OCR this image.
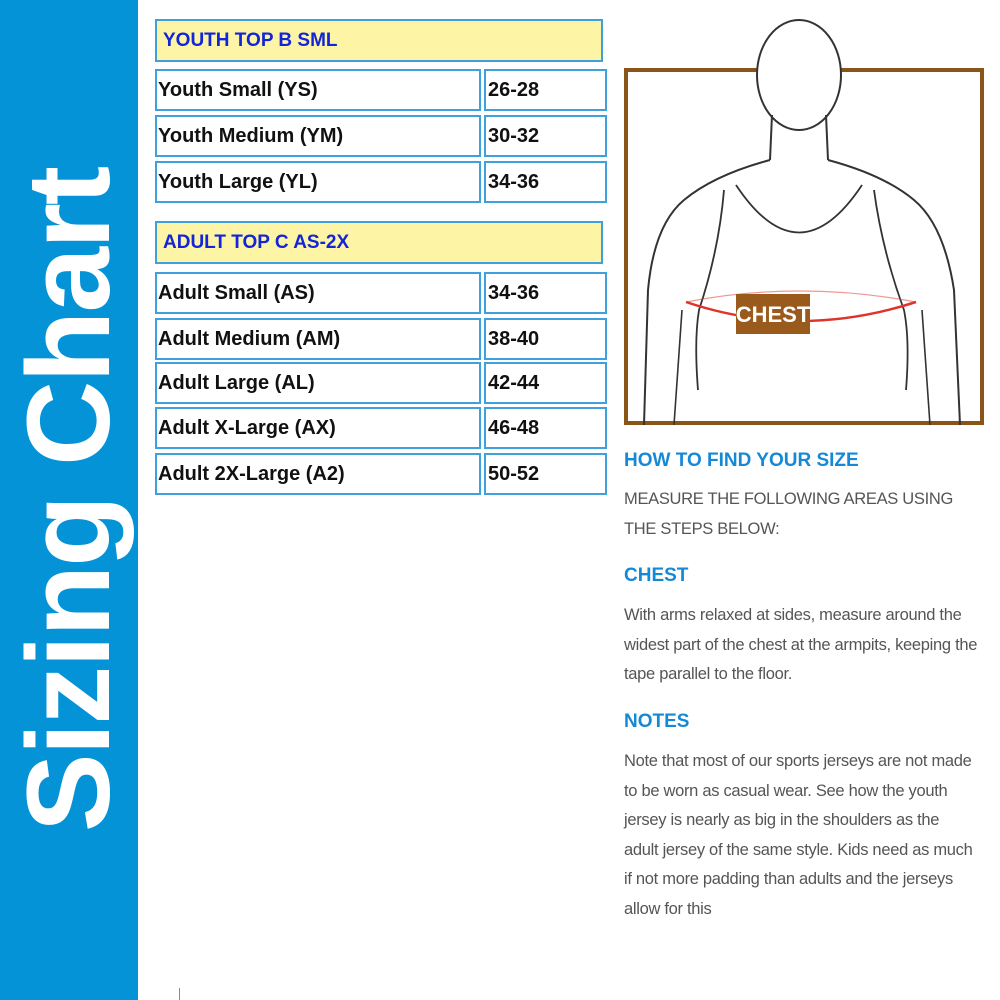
Sizing Chart
YOUTH TOP B SML
Youth Small (YS)	26-28
Youth Medium (YM)	30-32
Youth Large (YL)	34-36
ADULT TOP C AS-2X
Adult Small (AS)	34-36
Adult Medium (AM)	38-40
Adult Large (AL)	42-44
Adult X-Large (AX)	46-48
Adult 2X-Large (A2)	50-52
CHEST
HOW TO FIND YOUR SIZE
MEASURE THE FOLLOWING AREAS USING THE STEPS BELOW:
CHEST
With arms relaxed at sides, measure around the widest part of the chest at the armpits, keeping the tape parallel to the floor.
NOTES
Note that most of our sports jerseys are not made to be worn as casual wear. See how the youth jersey is nearly as big in the shoulders as the adult jersey of the same style. Kids need as much if not more padding than adults and the jerseys allow for this
